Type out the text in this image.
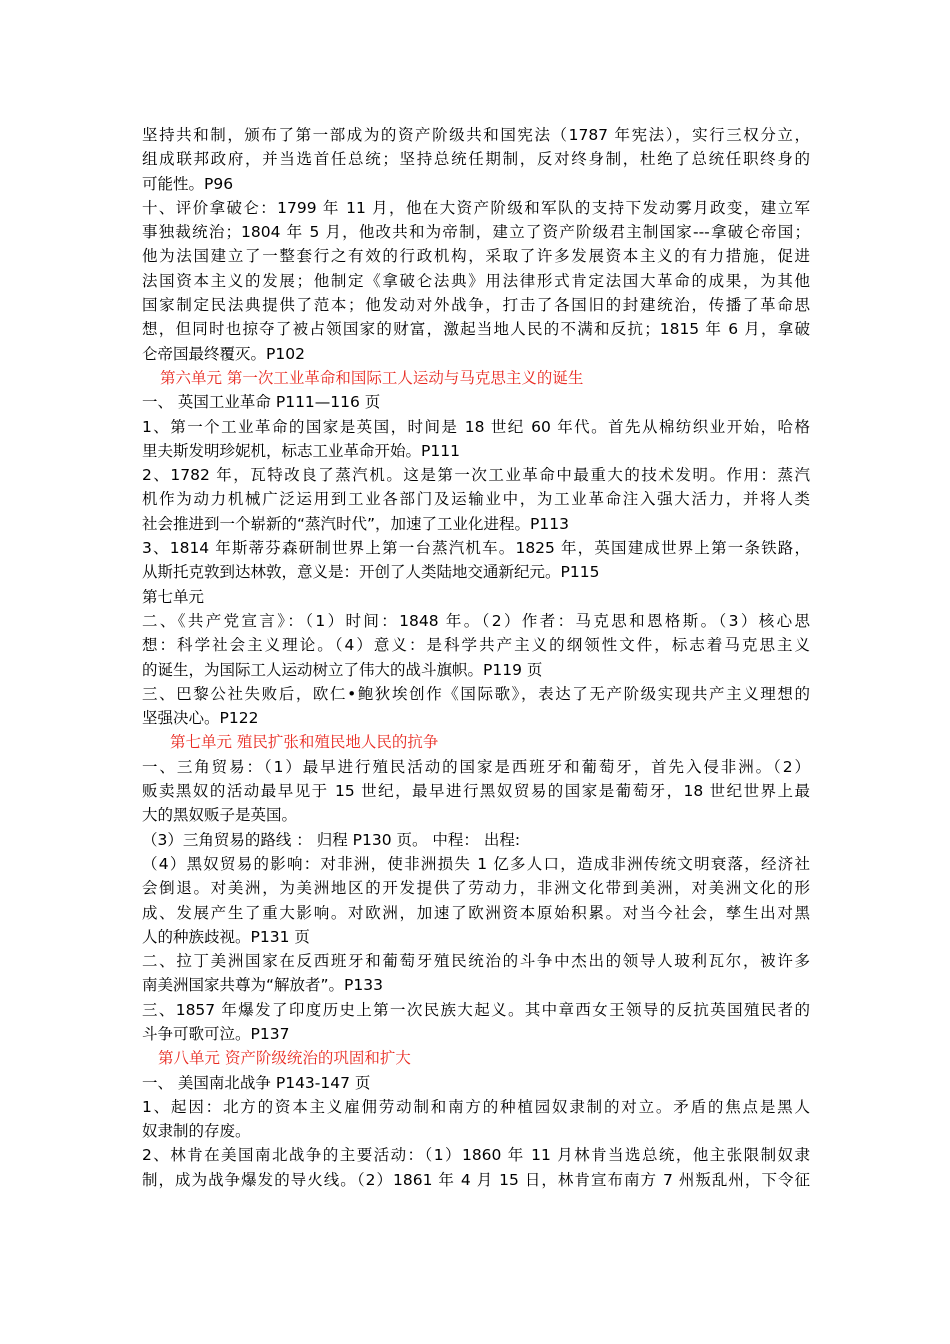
坚持共和制，颁布了第一部成为的资产阶级共和国宪法（1787 年宪法），实行三权分立，
组成联邦政府，并当选首任总统；坚持总统任期制，反对终身制，杜绝了总统任职终身的
可能性。P96
十、评价拿破仑：1799 年 11 月，他在大资产阶级和军队的支持下发动雾月政变，建立军
事独裁统治；1804 年 5 月，他改共和为帝制，建立了资产阶级君主制国家---拿破仑帝国；
他为法国建立了一整套行之有效的行政机构，采取了许多发展资本主义的有力措施，促进
法国资本主义的发展；他制定《拿破仑法典》用法律形式肯定法国大革命的成果，为其他
国家制定民法典提供了范本；他发动对外战争，打击了各国旧的封建统治，传播了革命思
想，但同时也掠夺了被占领国家的财富，激起当地人民的不满和反抗；1815 年 6 月，拿破
仑帝国最终覆灭。P102
第六单元 第一次工业革命和国际工人运动与马克思主义的诞生
一、 英国工业革命 P111—116 页
1、第一个工业革命的国家是英国，时间是 18 世纪 60 年代。首先从棉纺织业开始，哈格
里夫斯发明珍妮机，标志工业革命开始。P111
2、1782 年，瓦特改良了蒸汽机。这是第一次工业革命中最重大的技术发明。作用：蒸汽
机作为动力机械广泛运用到工业各部门及运输业中，为工业革命注入强大活力，并将人类
社会推进到一个崭新的“蒸汽时代”，加速了工业化进程。P113
3、1814 年斯蒂芬森研制世界上第一台蒸汽机车。1825 年，英国建成世界上第一条铁路，
从斯托克敦到达林敦，意义是：开创了人类陆地交通新纪元。P115
第七单元
二、《共产党宣言》：（1）时间：1848 年。（2）作者：马克思和恩格斯。（3）核心思
想：科学社会主义理论。（4）意义：是科学共产主义的纲领性文件，标志着马克思主义
的诞生，为国际工人运动树立了伟大的战斗旗帜。P119 页
三、巴黎公社失败后，欧仁•鲍狄埃创作《国际歌》，表达了无产阶级实现共产主义理想的
坚强决心。P122
第七单元 殖民扩张和殖民地人民的抗争
一、三角贸易：（1）最早进行殖民活动的国家是西班牙和葡萄牙，首先入侵非洲。（2）
贩卖黑奴的活动最早见于 15 世纪，最早进行黑奴贸易的国家是葡萄牙，18 世纪世界上最
大的黑奴贩子是英国。
（3）三角贸易的路线 ： 归程 P130 页。 中程： 出程:
（4）黑奴贸易的影响：对非洲，使非洲损失 1 亿多人口，造成非洲传统文明衰落，经济社
会倒退。对美洲，为美洲地区的开发提供了劳动力，非洲文化带到美洲，对美洲文化的形
成、发展产生了重大影响。对欧洲，加速了欧洲资本原始积累。对当今社会，孳生出对黑
人的种族歧视。P131 页
二、拉丁美洲国家在反西班牙和葡萄牙殖民统治的斗争中杰出的领导人玻利瓦尔，被许多
南美洲国家共尊为“解放者”。P133
三、1857 年爆发了印度历史上第一次民族大起义。其中章西女王领导的反抗英国殖民者的
斗争可歌可泣。P137
第八单元 资产阶级统治的巩固和扩大
一、 美国南北战争 P143-147 页
1、起因：北方的资本主义雇佣劳动制和南方的种植园奴隶制的对立。矛盾的焦点是黑人
奴隶制的存废。
2、林肯在美国南北战争的主要活动：（1）1860 年 11 月林肯当选总统，他主张限制奴隶
制，成为战争爆发的导火线。（2）1861 年 4 月 15 日，林肯宣布南方 7 州叛乱州，下令征
